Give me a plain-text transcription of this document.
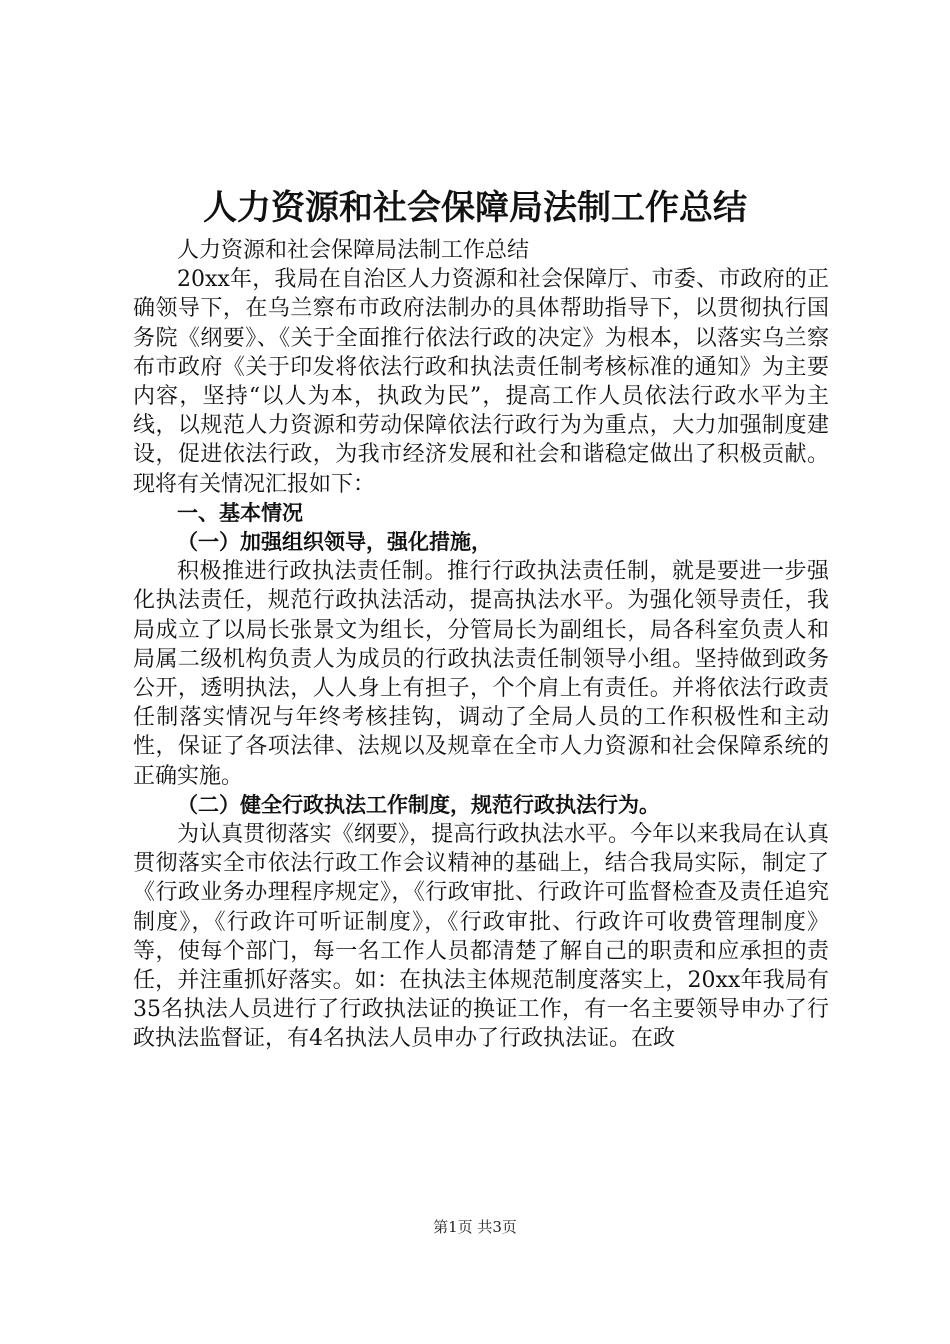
人力资源和社会保障局法制工作总结

人力资源和社会保障局法制工作总结

20xx年，我局在自治区人力资源和社会保障厅、市委、市政府的正确领导下，在乌兰察布市政府法制办的具体帮助指导下，以贯彻执行国务院《纲要》、《关于全面推行依法行政的决定》为根本，以落实乌兰察布市政府《关于印发将依法行政和执法责任制考核标准的通知》为主要内容，坚持“以人为本，执政为民”，提高工作人员依法行政水平为主线，以规范人力资源和劳动保障依法行政行为为重点，大力加强制度建设，促进依法行政，为我市经济发展和社会和谐稳定做出了积极贡献。现将有关情况汇报如下：

一、基本情况

（一）加强组织领导，强化措施，

积极推进行政执法责任制。推行行政执法责任制，就是要进一步强化执法责任，规范行政执法活动，提高执法水平。为强化领导责任，我局成立了以局长张景文为组长，分管局长为副组长，局各科室负责人和局属二级机构负责人为成员的行政执法责任制领导小组。坚持做到政务公开，透明执法，人人身上有担子，个个肩上有责任。并将依法行政责任制落实情况与年终考核挂钩，调动了全局人员的工作积极性和主动性，保证了各项法律、法规以及规章在全市人力资源和社会保障系统的正确实施。

（二）健全行政执法工作制度，规范行政执法行为。

为认真贯彻落实《纲要》，提高行政执法水平。今年以来我局在认真贯彻落实全市依法行政工作会议精神的基础上，结合我局实际，制定了《行政业务办理程序规定》，《行政审批、行政许可监督检查及责任追究制度》，《行政许可听证制度》，《行政审批、行政许可收费管理制度》等，使每个部门，每一名工作人员都清楚了解自己的职责和应承担的责任，并注重抓好落实。如：在执法主体规范制度落实上，20xx年我局有35名执法人员进行了行政执法证的换证工作，有一名主要领导申办了行政执法监督证，有4名执法人员申办了行政执法证。在政

第1页 共3页
